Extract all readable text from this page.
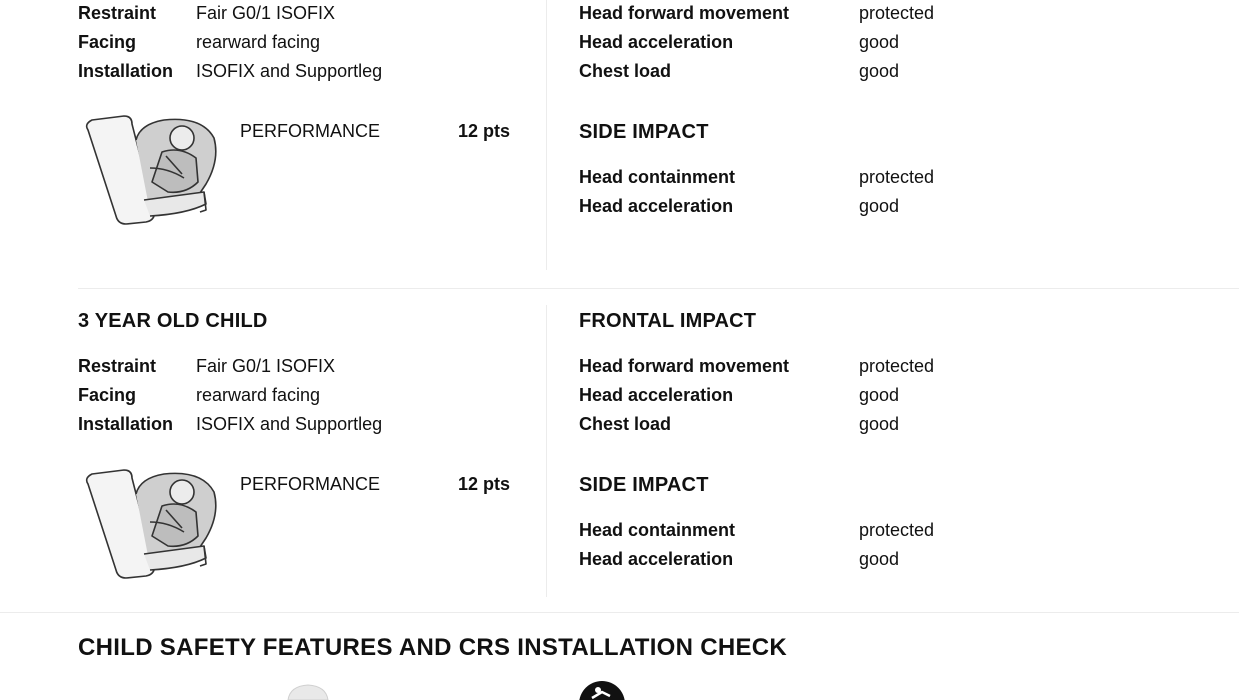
Restraint Fair G0/1 ISOFIX
Facing	rearward facing
Installation ISOFIX and Supportleg
PERFORMANCE	12 pts
Head forward movement	protected
Head acceleration	good
Chest load	good
SIDE IMPACT
Head containment	protected
Head acceleration	good
3 YEAR OLD CHILD
Restraint Fair G0/1 ISOFIX
Facing	rearward facing
Installation ISOFIX and Supportleg
PERFORMANCE	12 pts
FRONTAL IMPACT
Head forward movement	protected
Head acceleration	good
Chest load	good
SIDE IMPACT
Head containment	protected
Head acceleration	good
CHILD SAFETY FEATURES AND CRS INSTALLATION CHECK
